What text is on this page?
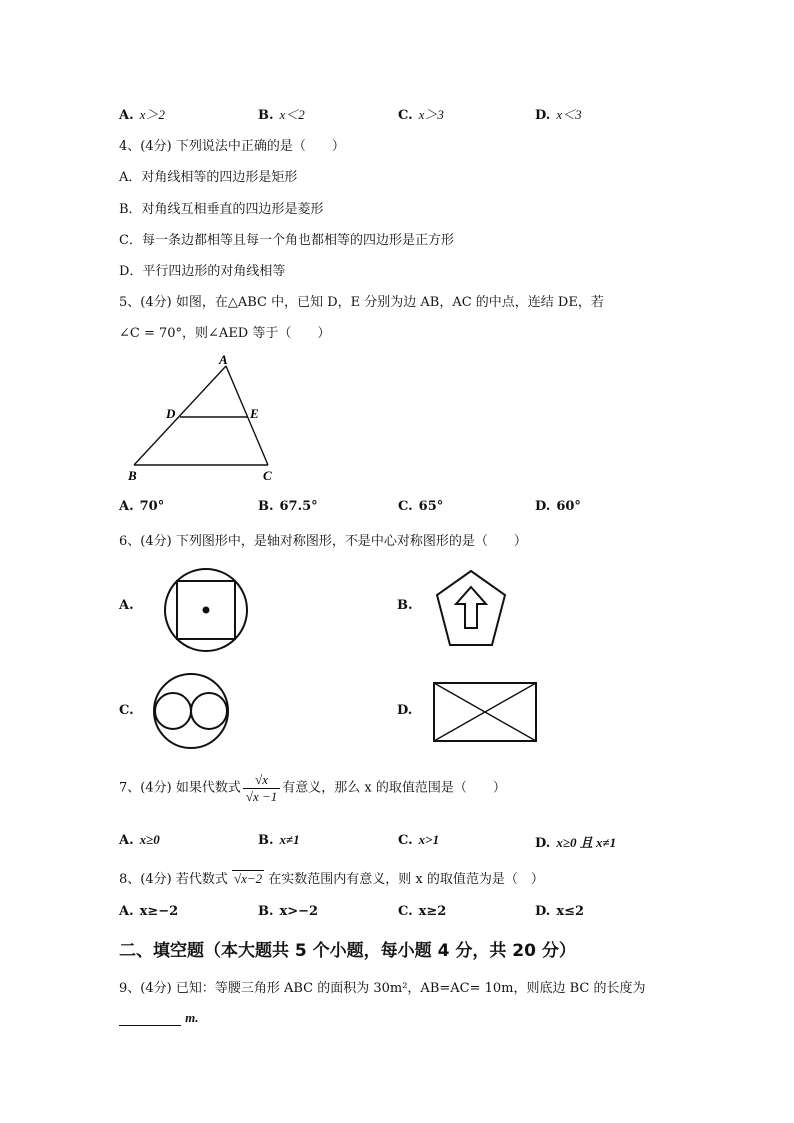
A. x＞2	B. x＜2	C. x＞3	D. x＜3
4、(4分) 下列说法中正确的是（　　）
A．对角线相等的四边形是矩形
B．对角线互相垂直的四边形是菱形
C．每一条边都相等且每一个角也都相等的四边形是正方形
D．平行四边形的对角线相等
5、(4分) 如图，在△ABC 中，已知 D，E 分别为边 AB，AC 的中点，连结 DE，若
∠C = 70°，则∠AED 等于（　　）
A
D	E
B	C
A. 70°	B. 67.5°	C. 65°	D. 60°
6、(4分) 下列图形中，是轴对称图形，不是中心对称图形的是（　　）
A.	B.
C.	D.
7、(4分) 如果代数式 $\frac{√x}{√x -1}$ 有意义，那么 x 的取值范围是（　　）
A. x≥0	B. x≠1	C. x>1	D. x≥0 且 x≠1
8、(4分) 若代数式 √x−2 在实数范围内有意义，则 x 的取值范为是（　）
A. x≥−2	B. x>−2	C. x≥2	D. x≤2
二、填空题（本大题共 5 个小题，每小题 4 分，共 20 分）
9、(4分) 已知：等腰三角形 ABC 的面积为 30m²，AB=AC= 10m，则底边 BC 的长度为
m.
